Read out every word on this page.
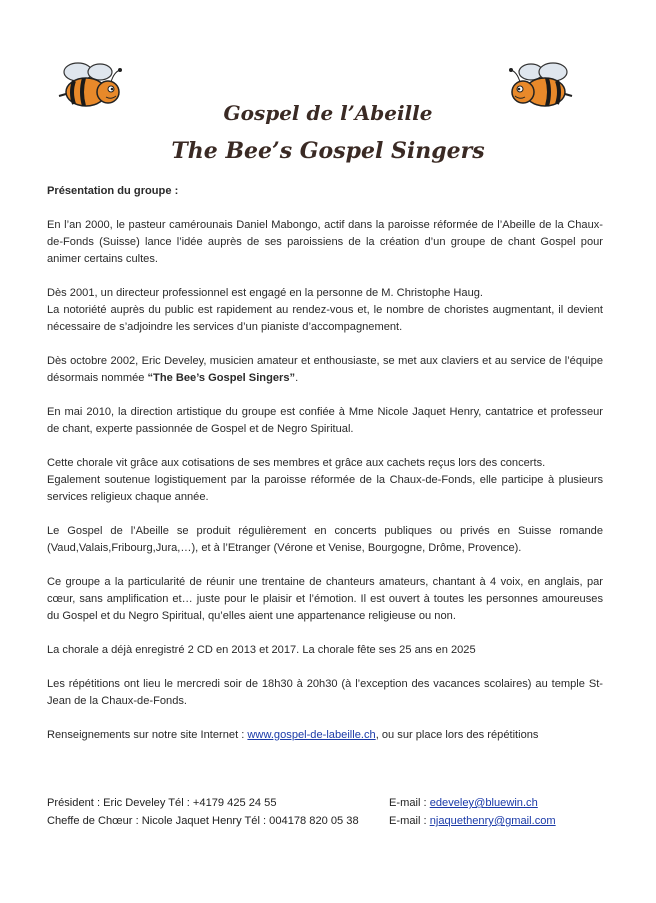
Gospel de l’Abeille
The Bee’s Gospel Singers
Présentation du groupe :

En l’an 2000, le pasteur camérounais Daniel Mabongo, actif dans la paroisse réformée de l’Abeille de la Chaux-de-Fonds (Suisse) lance l’idée auprès de ses paroissiens de la création d’un groupe de chant Gospel pour animer certains cultes.

Dès 2001, un directeur professionnel est engagé en la personne de M. Christophe Haug.
La notoriété auprès du public est rapidement au rendez-vous et, le nombre de choristes augmentant, il devient nécessaire de s’adjoindre les services d’un pianiste d’accompagnement.

Dès octobre 2002, Eric Develey, musicien amateur et enthousiaste, se met aux claviers et au service de l’équipe désormais nommée “The Bee’s Gospel Singers”.

En mai 2010, la direction artistique du groupe est confiée à Mme Nicole Jaquet Henry, cantatrice et professeur de chant, experte passionnée de Gospel et de Negro Spiritual.

Cette chorale vit grâce aux cotisations de ses membres et grâce aux cachets reçus lors des concerts.
Egalement soutenue logistiquement par la paroisse réformée de la Chaux-de-Fonds, elle participe à plusieurs services religieux chaque année.

Le Gospel de l’Abeille se produit régulièrement en concerts publiques ou privés en Suisse romande (Vaud,Valais,Fribourg,Jura,…), et à l’Etranger (Vérone et Venise, Bourgogne, Drôme, Provence).

Ce groupe a la particularité de réunir une trentaine de chanteurs amateurs, chantant à 4 voix, en anglais, par cœur, sans amplification et… juste pour le plaisir et l’émotion. Il est ouvert à toutes les personnes amoureuses du Gospel et du Negro Spiritual, qu’elles aient une appartenance religieuse ou non.

La chorale a déjà enregistré 2 CD en 2013 et 2017. La chorale fête ses 25 ans en 2025

Les répétitions ont lieu le mercredi soir de 18h30 à 20h30 (à l’exception des vacances scolaires) au temple St-Jean de la Chaux-de-Fonds.

Renseignements sur notre site Internet : www.gospel-de-labeille.ch, ou sur place lors des répétitions

Président : Eric Develey Tél : +4179 425 24 55	E-mail : edeveley@bluewin.ch
Cheffe de Chœur : Nicole Jaquet Henry Tél : 004178 820 05 38	E-mail : njaquethenry@gmail.com
